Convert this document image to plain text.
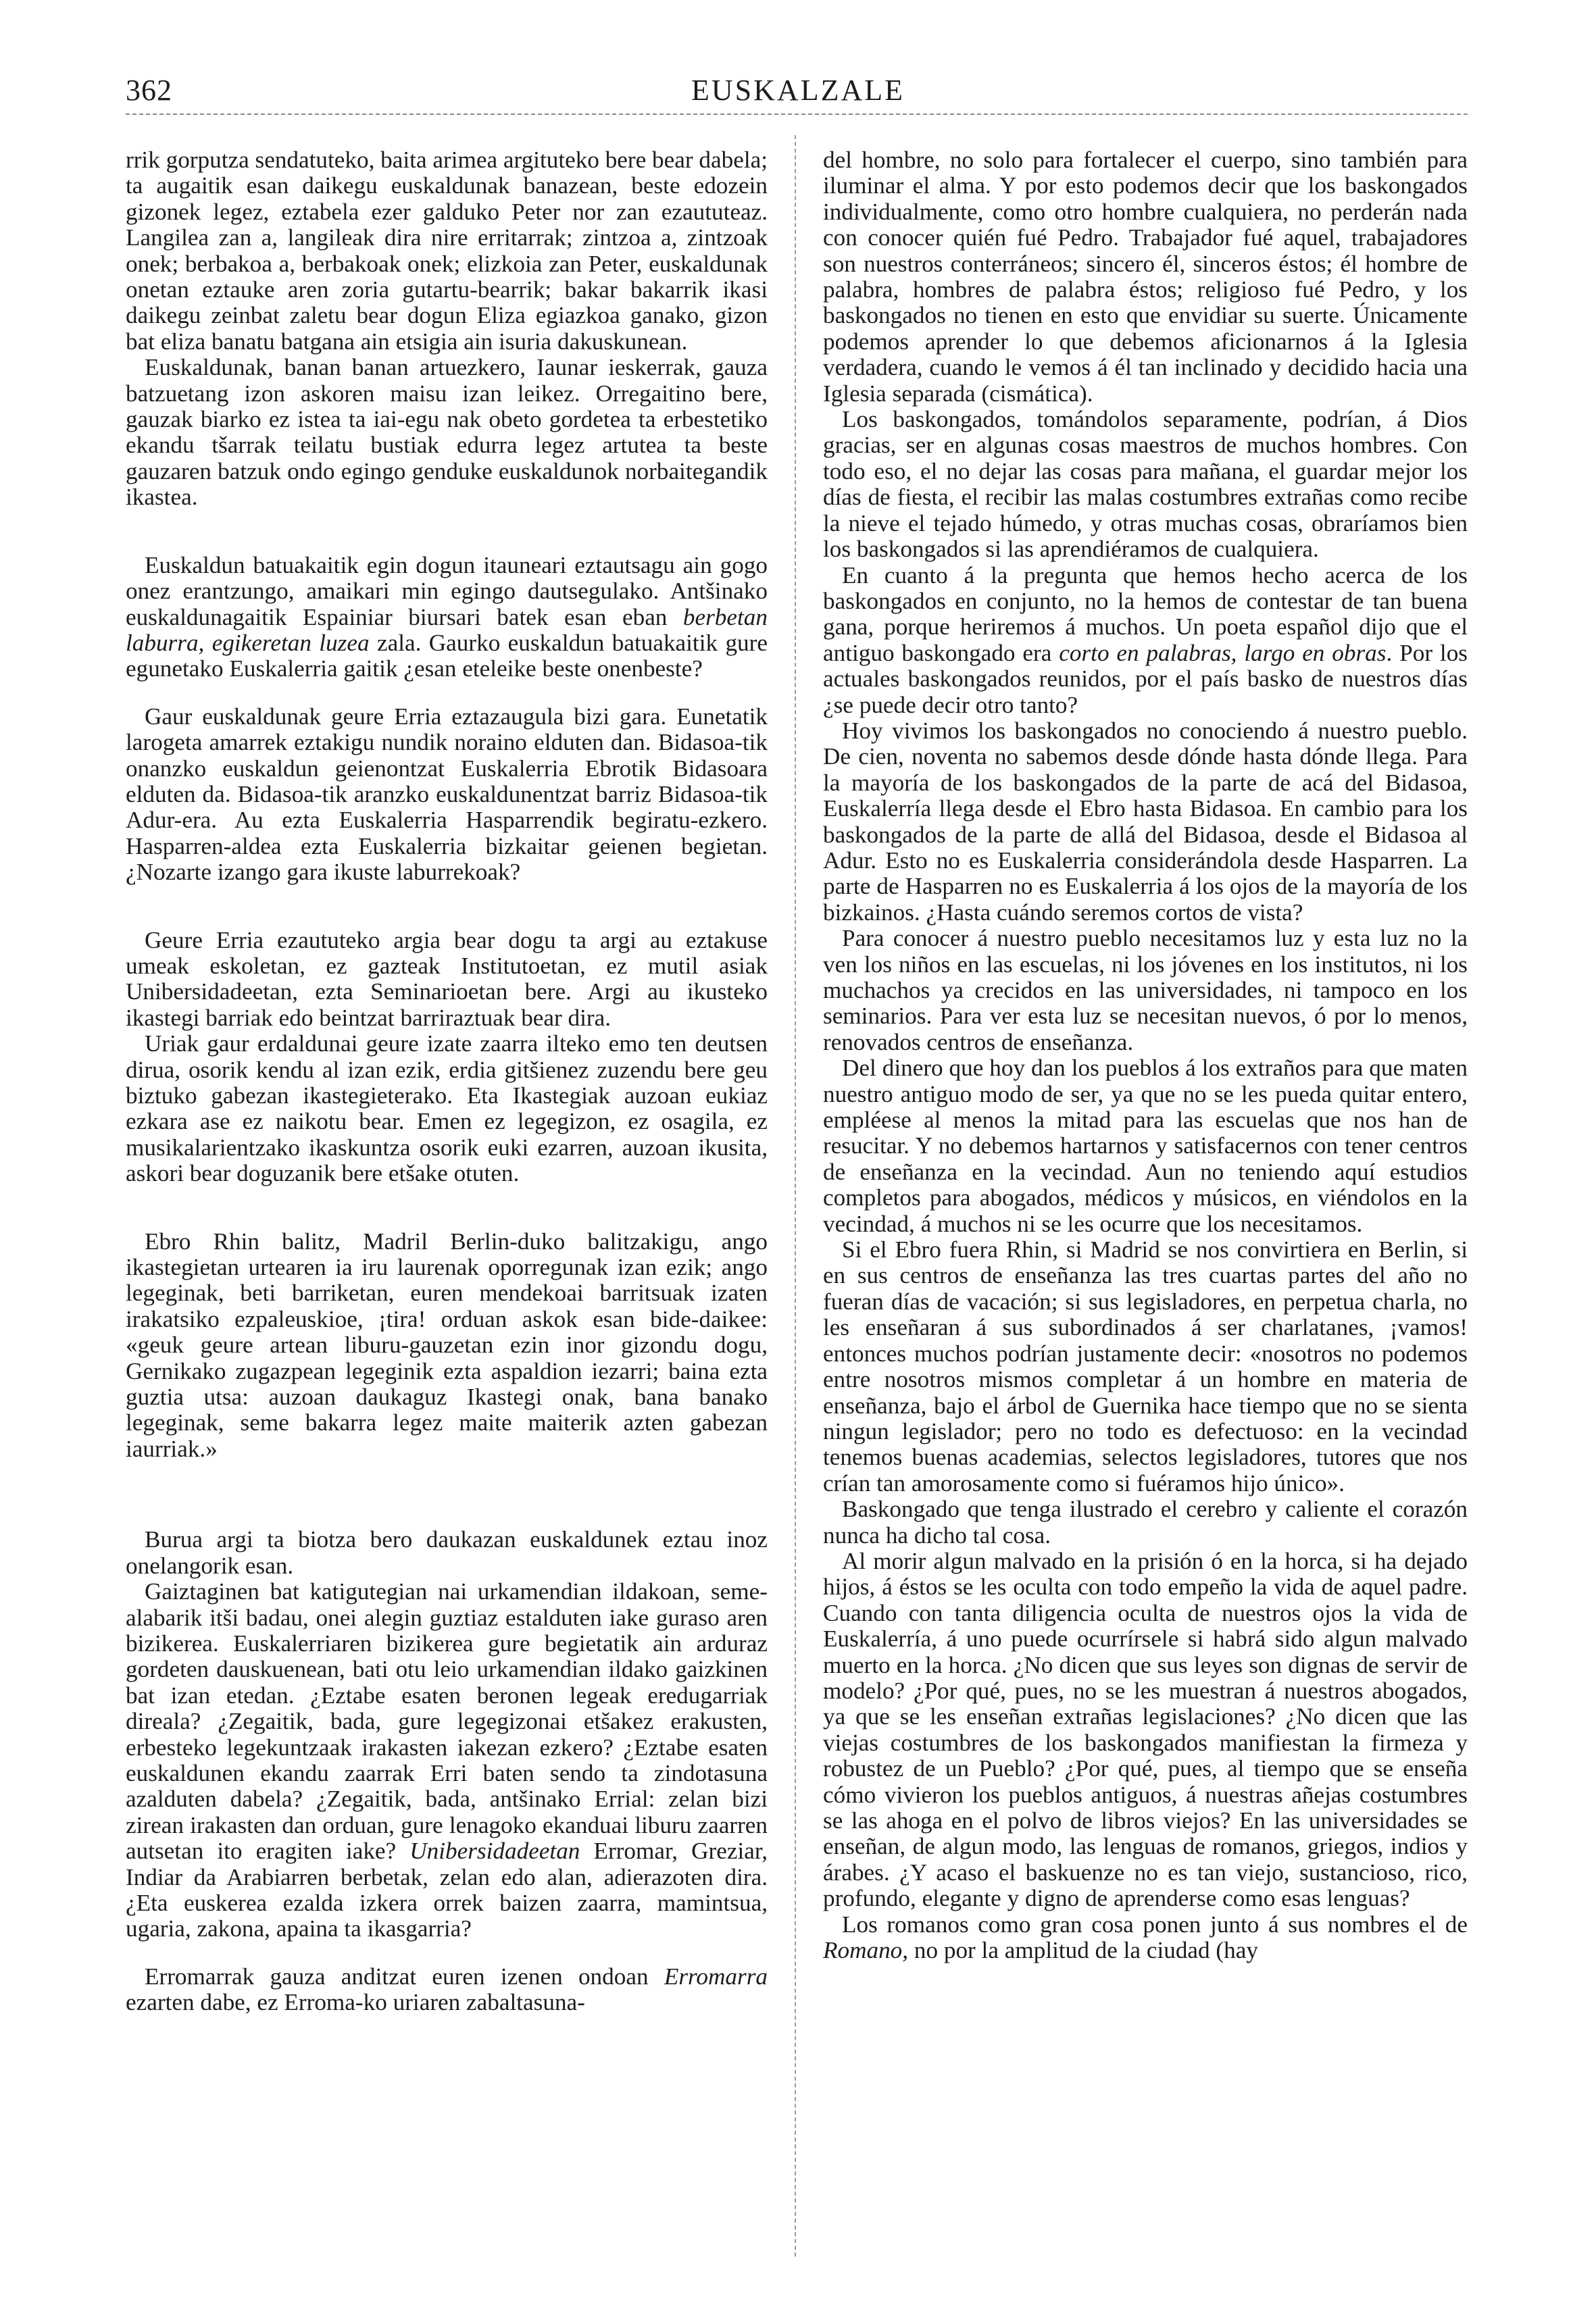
362	EUSKALZALE

rrik gorputza sendatuteko, baita arimea argituteko bere bear dabela; ta augaitik esan daikegu euskaldunak banazean, beste edozein gizonek legez, eztabela ezer galduko Peter nor zan ezaututeaz. Langilea zan a, langileak dira nire erritarrak; zintzoa a, zintzoak onek; berbakoa a, berbakoak onek; elizkoia zan Peter, euskaldunak onetan eztauke aren zoria gutartu-bearrik; bakar bakarrik ikasi daikegu zeinbat zaletu bear dogun Eliza egiazkoa ganako, gizon bat eliza banatu batgana ain etsigia ain isuria dakuskunean.

Euskaldunak, banan banan artuezkero, Iaunar ieskerrak, gauza batzuetang izon askoren maisu izan leikez. Orregaitino bere, gauzak biarko ez istea ta iai-egu nak obeto gordetea ta erbestetiko ekandu tšarrak teilatu bustiak edurra legez artutea ta beste gauzaren batzuk ondo egingo genduke euskaldunok norbaitegandik ikastea.

Euskaldun batuakaitik egin dogun itauneari eztautsagu ain gogo onez erantzungo, amaikari min egingo dautsegulako. Antšinako euskaldunagaitik Espainiar biursari batek esan eban berbetan laburra, egikeretan luzea zala. Gaurko euskaldun batuakaitik gure egunetako Euskalerria gaitik ¿esan eteleike beste onenbeste?

Gaur euskaldunak geure Erria eztazaugula bizi gara. Eunetatik larogeta amarrek eztakigu nundik noraino elduten dan. Bidasoa-tik onanzko euskaldun geienontzat Euskalerria Ebrotik Bidasoara elduten da. Bidasoa-tik aranzko euskaldunentzat barriz Bidasoa-tik Adur-era. Au ezta Euskalerria Hasparrendik begiratu-ezkero. Hasparren-aldea ezta Euskalerria bizkaitar geienen begietan. ¿Nozarte izango gara ikuste laburrekoak?

Geure Erria ezaututeko argia bear dogu ta argi au eztakuse umeak eskoletan, ez gazteak Institutoetan, ez mutil asiak Unibersidadeetan, ezta Seminarioetan bere. Argi au ikusteko ikastegi barriak edo beintzat barriraztuak bear dira.

Uriak gaur erdaldunai geure izate zaarra ilteko emo ten deutsen dirua, osorik kendu al izan ezik, erdia gitšienez zuzendu bere geu biztuko gabezan ikastegieterako. Eta Ikastegiak auzoan eukiaz ezkara ase ez naikotu bear. Emen ez legegizon, ez osagila, ez musikalarientzako ikaskuntza osorik euki ezarren, auzoan ikusita, askori bear doguzanik bere etšake otuten.

Ebro Rhin balitz, Madril Berlin-duko balitzakigu, ango ikastegietan urtearen ia iru laurenak oporregunak izan ezik; ango legeginak, beti barriketan, euren mendekoai barritsuak izaten irakatsiko ezpaleuskioe, ¡tira! orduan askok esan bide-daikee: «geuk geure artean liburu-gauzetan ezin inor gizondu dogu, Gernikako zugazpean legeginik ezta aspaldion iezarri; baina ezta guztia utsa: auzoan daukaguz Ikastegi onak, bana banako legeginak, seme bakarra legez maite maiterik azten gabezan iaurriak.»

Burua argi ta biotza bero daukazan euskaldunek eztau inoz onelangorik esan.

Gaiztaginen bat katigutegian nai urkamendian ildakoan, seme-alabarik itši badau, onei alegin guztiaz estalduten iake guraso aren bizikerea. Euskalerriaren bizikerea gure begietatik ain arduraz gordeten dauskuenean, bati otu leio urkamendian ildako gaizkinen bat izan etedan. ¿Eztabe esaten beronen legeak eredugarriak direala? ¿Zegaitik, bada, gure legegizonai etšakez erakusten, erbesteko legekuntzaak irakasten iakezan ezkero? ¿Eztabe esaten euskaldunen ekandu zaarrak Erri baten sendo ta zindotasuna azalduten dabela? ¿Zegaitik, bada, antšinako Errial: zelan bizi zirean irakasten dan orduan, gure lenagoko ekanduai liburu zaarren autsetan ito eragiten iake? Unibersidadeetan Erromar, Greziar, Indiar da Arabiarren berbetak, zelan edo alan, adierazoten dira. ¿Eta euskerea ezalda izkera orrek baizen zaarra, mamintsua, ugaria, zakona, apaina ta ikasgarria?

Erromarrak gauza anditzat euren izenen ondoan Erromarra ezarten dabe, ez Erroma-ko uriaren zabaltasuna-

del hombre, no solo para fortalecer el cuerpo, sino también para iluminar el alma. Y por esto podemos decir que los baskongados individualmente, como otro hombre cualquiera, no perderán nada con conocer quién fué Pedro. Trabajador fué aquel, trabajadores son nuestros conterráneos; sincero él, sinceros éstos; él hombre de palabra, hombres de palabra éstos; religioso fué Pedro, y los baskongados no tienen en esto que envidiar su suerte. Únicamente podemos aprender lo que debemos aficionarnos á la Iglesia verdadera, cuando le vemos á él tan inclinado y decidido hacia una Iglesia separada (cismática).

Los baskongados, tomándolos separamente, podrían, á Dios gracias, ser en algunas cosas maestros de muchos hombres. Con todo eso, el no dejar las cosas para mañana, el guardar mejor los días de fiesta, el recibir las malas costumbres extrañas como recibe la nieve el tejado húmedo, y otras muchas cosas, obraríamos bien los baskongados si las aprendiéramos de cualquiera.

En cuanto á la pregunta que hemos hecho acerca de los baskongados en conjunto, no la hemos de contestar de tan buena gana, porque heriremos á muchos. Un poeta español dijo que el antiguo baskongado era corto en palabras, largo en obras. Por los actuales baskongados reunidos, por el país basko de nuestros días ¿se puede decir otro tanto?

Hoy vivimos los baskongados no conociendo á nuestro pueblo. De cien, noventa no sabemos desde dónde hasta dónde llega. Para la mayoría de los baskongados de la parte de acá del Bidasoa, Euskalerría llega desde el Ebro hasta Bidasoa. En cambio para los baskongados de la parte de allá del Bidasoa, desde el Bidasoa al Adur. Esto no es Euskalerria considerándola desde Hasparren. La parte de Hasparren no es Euskalerria á los ojos de la mayoría de los bizkainos. ¿Hasta cuándo seremos cortos de vista?

Para conocer á nuestro pueblo necesitamos luz y esta luz no la ven los niños en las escuelas, ni los jóvenes en los institutos, ni los muchachos ya crecidos en las universidades, ni tampoco en los seminarios. Para ver esta luz se necesitan nuevos, ó por lo menos, renovados centros de enseñanza.

Del dinero que hoy dan los pueblos á los extraños para que maten nuestro antiguo modo de ser, ya que no se les pueda quitar entero, empléese al menos la mitad para las escuelas que nos han de resucitar. Y no debemos hartarnos y satisfacernos con tener centros de enseñanza en la vecindad. Aun no teniendo aquí estudios completos para abogados, médicos y músicos, en viéndolos en la vecindad, á muchos ni se les ocurre que los necesitamos.

Si el Ebro fuera Rhin, si Madrid se nos convirtiera en Berlin, si en sus centros de enseñanza las tres cuartas partes del año no fueran días de vacación; si sus legisladores, en perpetua charla, no les enseñaran á sus subordinados á ser charlatanes, ¡vamos! entonces muchos podrían justamente decir: «nosotros no podemos entre nosotros mismos completar á un hombre en materia de enseñanza, bajo el árbol de Guernika hace tiempo que no se sienta ningun legislador; pero no todo es defectuoso: en la vecindad tenemos buenas academias, selectos legisladores, tutores que nos crían tan amorosamente como si fuéramos hijo único».

Baskongado que tenga ilustrado el cerebro y caliente el corazón nunca ha dicho tal cosa.

Al morir algun malvado en la prisión ó en la horca, si ha dejado hijos, á éstos se les oculta con todo empeño la vida de aquel padre. Cuando con tanta diligencia oculta de nuestros ojos la vida de Euskalerría, á uno puede ocurrírsele si habrá sido algun malvado muerto en la horca. ¿No dicen que sus leyes son dignas de servir de modelo? ¿Por qué, pues, no se les muestran á nuestros abogados, ya que se les enseñan extrañas legislaciones? ¿No dicen que las viejas costumbres de los baskongados manifiestan la firmeza y robustez de un Pueblo? ¿Por qué, pues, al tiempo que se enseña cómo vivieron los pueblos antiguos, á nuestras añejas costumbres se las ahoga en el polvo de libros viejos? En las universidades se enseñan, de algun modo, las lenguas de romanos, griegos, indios y árabes. ¿Y acaso el baskuenze no es tan viejo, sustancioso, rico, profundo, elegante y digno de aprenderse como esas lenguas?

Los romanos como gran cosa ponen junto á sus nombres el de Romano, no por la amplitud de la ciudad (hay
